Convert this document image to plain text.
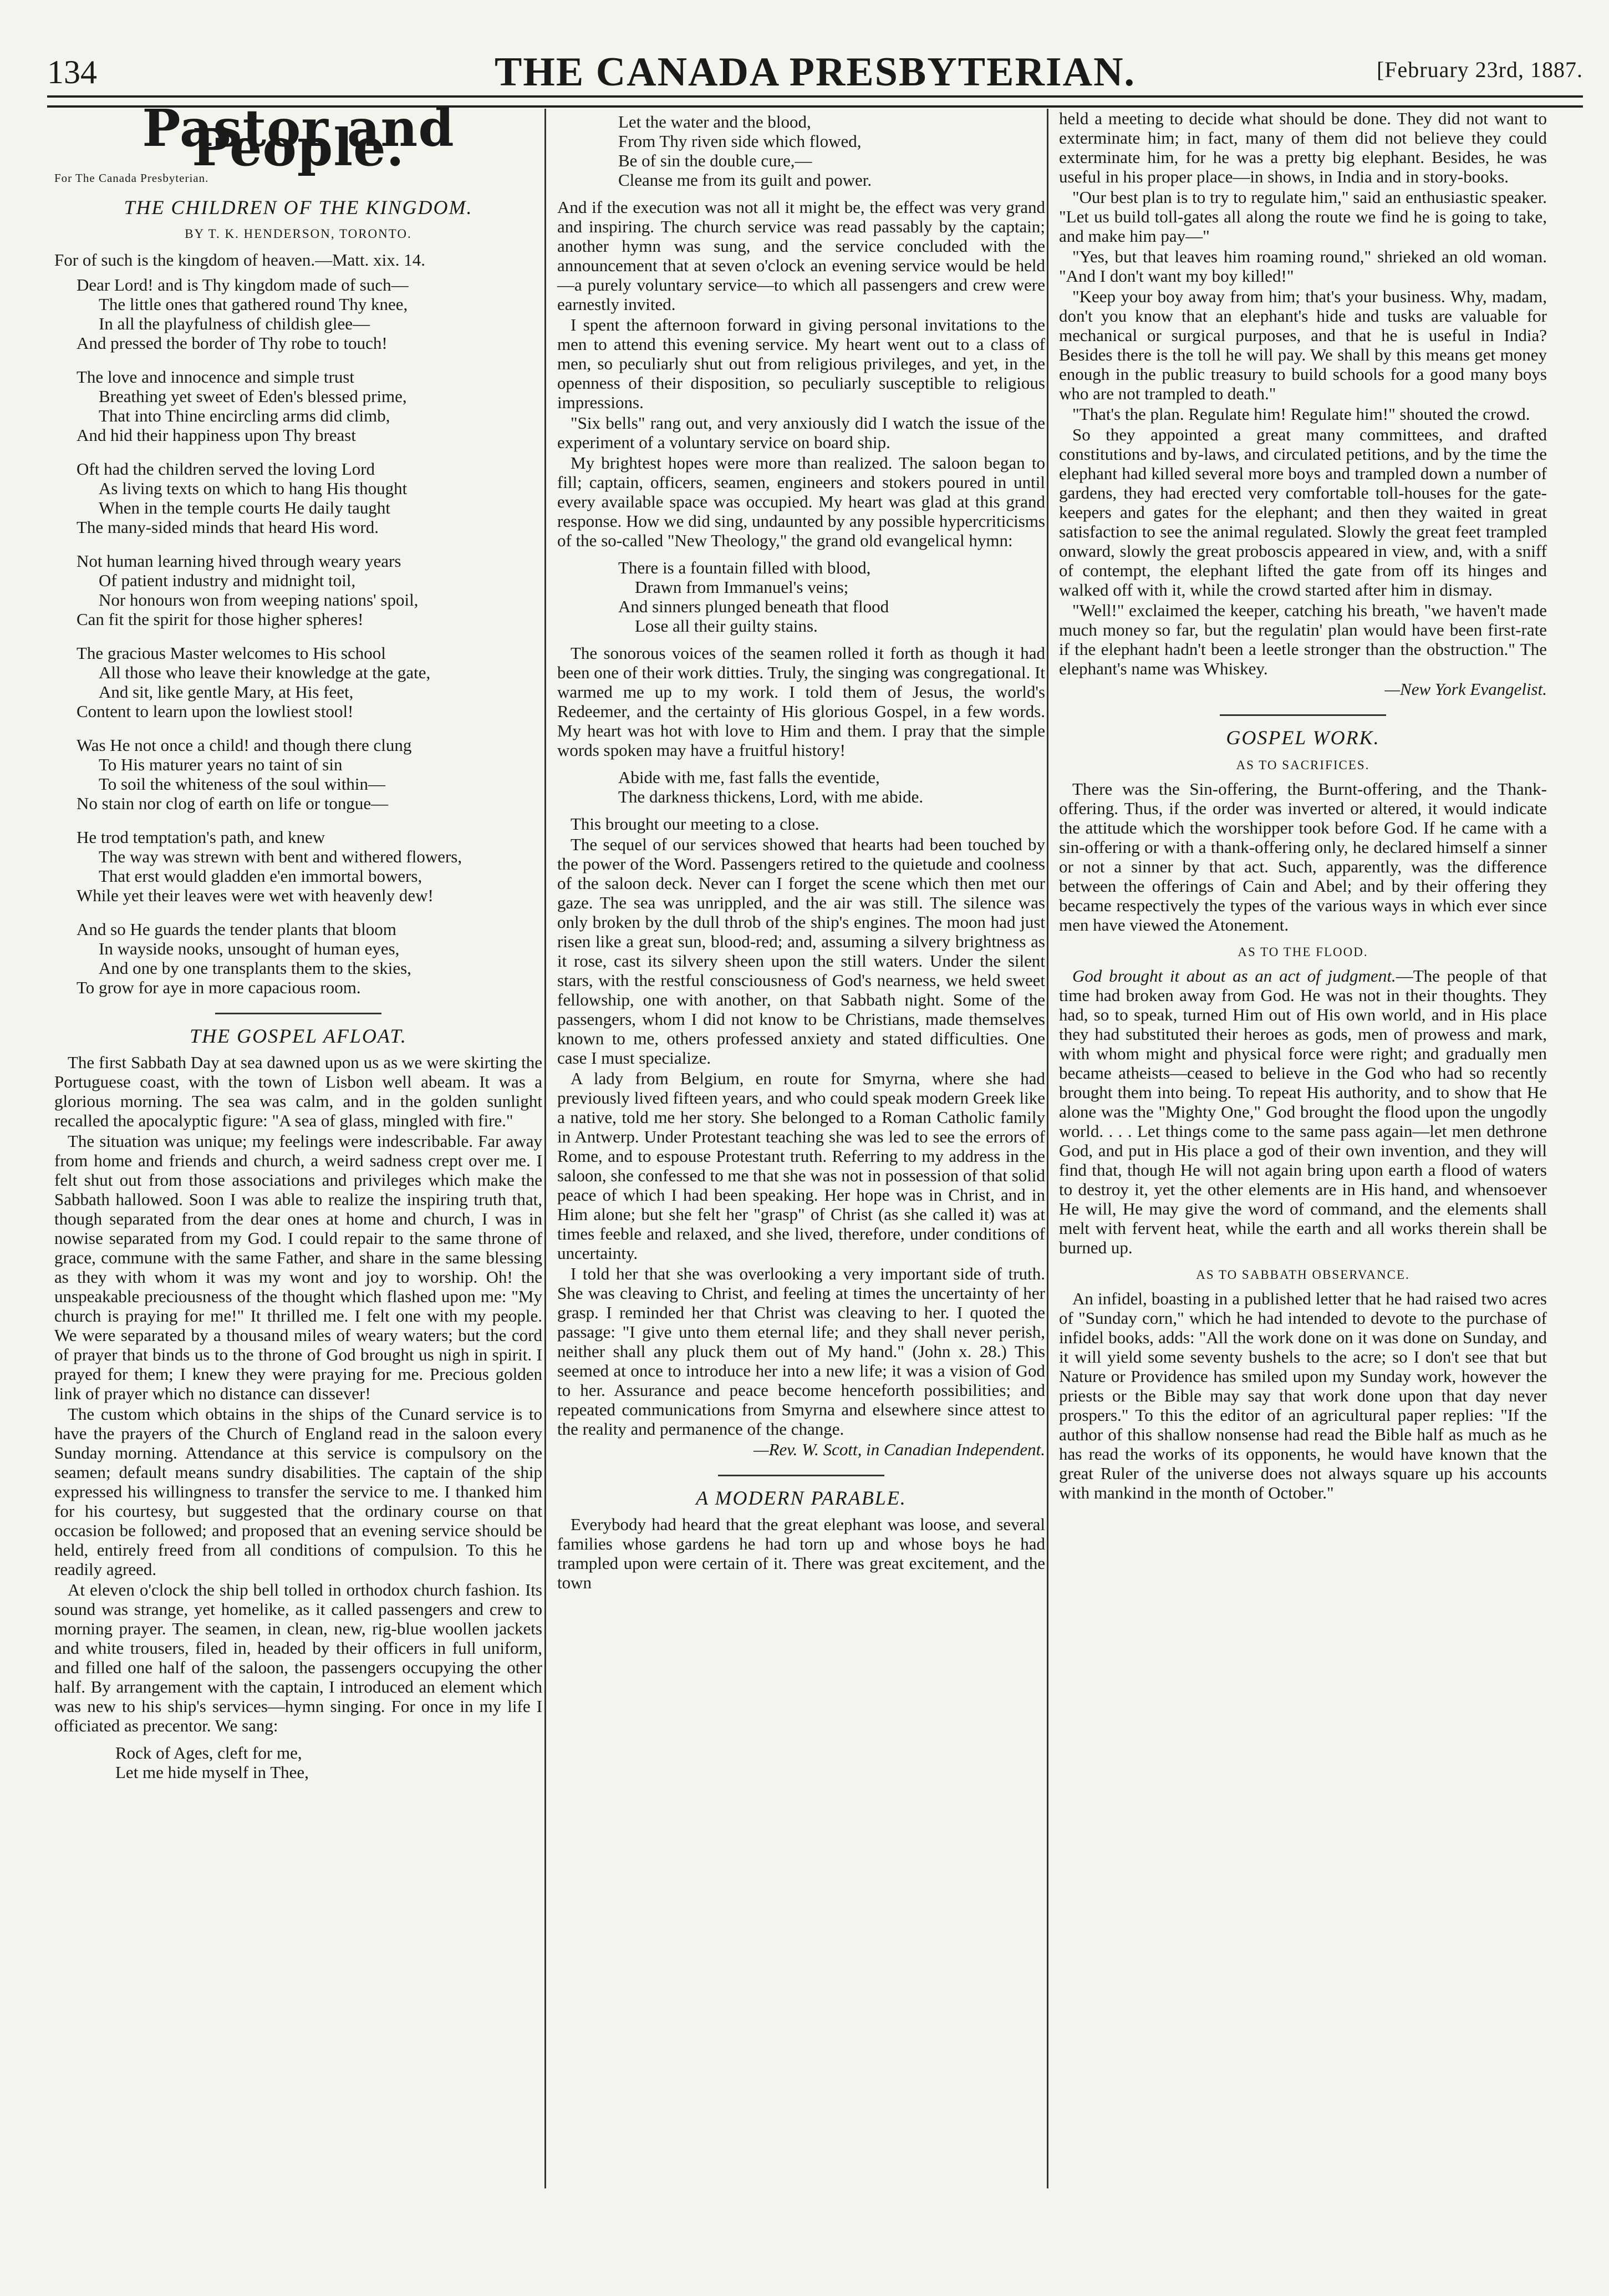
134	THE CANADA PRESBYTERIAN.	[February 23rd, 1887.
Pastor and People.
For The Canada Presbyterian.
THE CHILDREN OF THE KINGDOM.
BY T. K. HENDERSON, TORONTO.

For of such is the kingdom of heaven.—Matt. xix. 14.

Dear Lord! and is Thy kingdom made of such—
The little ones that gathered round Thy knee,
In all the playfulness of childish glee—
And pressed the border of Thy robe to touch!
The love and innocence and simple trust
Breathing yet sweet of Eden's blessed prime,
That into Thine encircling arms did climb,
And hid their happiness upon Thy breast
Oft had the children served the loving Lord
As living texts on which to hang His thought
When in the temple courts He daily taught
The many-sided minds that heard His word.
Not human learning hived through weary years
Of patient industry and midnight toil,
Nor honours won from weeping nations' spoil,
Can fit the spirit for those higher spheres!
The gracious Master welcomes to His school
All those who leave their knowledge at the gate,
And sit, like gentle Mary, at His feet,
Content to learn upon the lowliest stool!
Was He not once a child! and though there clung
To His maturer years no taint of sin
To soil the whiteness of the soul within—
No stain nor clog of earth on life or tongue—
He trod temptation's path, and knew
The way was strewn with bent and withered flowers,
That erst would gladden e'en immortal bowers,
While yet their leaves were wet with heavenly dew!
And so He guards the tender plants that bloom
In wayside nooks, unsought of human eyes,
And one by one transplants them to the skies,
To grow for aye in more capacious room.
THE GOSPEL AFLOAT.

The first Sabbath Day at sea dawned upon us as we were skirting the Portuguese coast, with the town of Lisbon well abeam. It was a glorious morning. The sea was calm, and in the golden sunlight recalled the apocalyptic figure: "A sea of glass, mingled with fire."

The situation was unique; my feelings were indescribable. Far away from home and friends and church, a weird sadness crept over me. I felt shut out from those associations and privileges which make the Sabbath hallowed. Soon I was able to realize the inspiring truth that, though separated from the dear ones at home and church, I was in nowise separated from my God. I could repair to the same throne of grace, commune with the same Father, and share in the same blessing as they with whom it was my wont and joy to worship. Oh! the unspeakable preciousness of the thought which flashed upon me: "My church is praying for me!" It thrilled me. I felt one with my people. We were separated by a thousand miles of weary waters; but the cord of prayer that binds us to the throne of God brought us nigh in spirit. I prayed for them; I knew they were praying for me. Precious golden link of prayer which no distance can dissever!

The custom which obtains in the ships of the Cunard service is to have the prayers of the Church of England read in the saloon every Sunday morning. Attendance at this service is compulsory on the seamen; default means sundry disabilities. The captain of the ship expressed his willingness to transfer the service to me. I thanked him for his courtesy, but suggested that the ordinary course on that occasion be followed; and proposed that an evening service should be held, entirely freed from all conditions of compulsion. To this he readily agreed.

At eleven o'clock the ship bell tolled in orthodox church fashion. Its sound was strange, yet homelike, as it called passengers and crew to morning prayer. The seamen, in clean, new, rig-blue woollen jackets and white trousers, filed in, headed by their officers in full uniform, and filled one half of the saloon, the passengers occupying the other half. By arrangement with the captain, I introduced an element which was new to his ship's services—hymn singing. For once in my life I officiated as precentor. We sang:

Rock of Ages, cleft for me,
Let me hide myself in Thee,
Let the water and the blood,
From Thy riven side which flowed,
Be of sin the double cure,—
Cleanse me from its guilt and power.

And if the execution was not all it might be, the effect was very grand and inspiring. The church service was read passably by the captain; another hymn was sung, and the service concluded with the announcement that at seven o'clock an evening service would be held—a purely voluntary service—to which all passengers and crew were earnestly invited.

I spent the afternoon forward in giving personal invitations to the men to attend this evening service. My heart went out to a class of men, so peculiarly shut out from religious privileges, and yet, in the openness of their disposition, so peculiarly susceptible to religious impressions.

"Six bells" rang out, and very anxiously did I watch the issue of the experiment of a voluntary service on board ship.

My brightest hopes were more than realized. The saloon began to fill; captain, officers, seamen, engineers and stokers poured in until every available space was occupied. My heart was glad at this grand response. How we did sing, undaunted by any possible hypercriticisms of the so-called "New Theology," the grand old evangelical hymn:

There is a fountain filled with blood,
Drawn from Immanuel's veins;
And sinners plunged beneath that flood
Lose all their guilty stains.

The sonorous voices of the seamen rolled it forth as though it had been one of their work ditties. Truly, the singing was congregational. It warmed me up to my work. I told them of Jesus, the world's Redeemer, and the certainty of His glorious Gospel, in a few words. My heart was hot with love to Him and them. I pray that the simple words spoken may have a fruitful history!

Abide with me, fast falls the eventide,
The darkness thickens, Lord, with me abide.

This brought our meeting to a close.

The sequel of our services showed that hearts had been touched by the power of the Word. Passengers retired to the quietude and coolness of the saloon deck. Never can I forget the scene which then met our gaze. The sea was unrippled, and the air was still. The silence was only broken by the dull throb of the ship's engines. The moon had just risen like a great sun, blood-red; and, assuming a silvery brightness as it rose, cast its silvery sheen upon the still waters. Under the silent stars, with the restful consciousness of God's nearness, we held sweet fellowship, one with another, on that Sabbath night. Some of the passengers, whom I did not know to be Christians, made themselves known to me, others professed anxiety and stated difficulties. One case I must specialize.

A lady from Belgium, en route for Smyrna, where she had previously lived fifteen years, and who could speak modern Greek like a native, told me her story. She belonged to a Roman Catholic family in Antwerp. Under Protestant teaching she was led to see the errors of Rome, and to espouse Protestant truth. Referring to my address in the saloon, she confessed to me that she was not in possession of that solid peace of which I had been speaking. Her hope was in Christ, and in Him alone; but she felt her "grasp" of Christ (as she called it) was at times feeble and relaxed, and she lived, therefore, under conditions of uncertainty.

I told her that she was overlooking a very important side of truth. She was cleaving to Christ, and feeling at times the uncertainty of her grasp. I reminded her that Christ was cleaving to her. I quoted the passage: "I give unto them eternal life; and they shall never perish, neither shall any pluck them out of My hand." (John x. 28.) This seemed at once to introduce her into a new life; it was a vision of God to her. Assurance and peace become henceforth possibilities; and repeated communications from Smyrna and elsewhere since attest to the reality and permanence of the change.

—Rev. W. Scott, in Canadian Independent.

A MODERN PARABLE.

Everybody had heard that the great elephant was loose, and several families whose gardens he had torn up and whose boys he had trampled upon were certain of it. There was great excitement, and the town

held a meeting to decide what should be done. They did not want to exterminate him; in fact, many of them did not believe they could exterminate him, for he was a pretty big elephant. Besides, he was useful in his proper place—in shows, in India and in story-books.

"Our best plan is to try to regulate him," said an enthusiastic speaker. "Let us build toll-gates all along the route we find he is going to take, and make him pay—"

"Yes, but that leaves him roaming round," shrieked an old woman. "And I don't want my boy killed!"

"Keep your boy away from him; that's your business. Why, madam, don't you know that an elephant's hide and tusks are valuable for mechanical or surgical purposes, and that he is useful in India? Besides there is the toll he will pay. We shall by this means get money enough in the public treasury to build schools for a good many boys who are not trampled to death."

"That's the plan. Regulate him! Regulate him!" shouted the crowd.

So they appointed a great many committees, and drafted constitutions and by-laws, and circulated petitions, and by the time the elephant had killed several more boys and trampled down a number of gardens, they had erected very comfortable toll-houses for the gate-keepers and gates for the elephant; and then they waited in great satisfaction to see the animal regulated. Slowly the great feet trampled onward, slowly the great proboscis appeared in view, and, with a sniff of contempt, the elephant lifted the gate from off its hinges and walked off with it, while the crowd started after him in dismay.

"Well!" exclaimed the keeper, catching his breath, "we haven't made much money so far, but the regulatin' plan would have been first-rate if the elephant hadn't been a leetle stronger than the obstruction." The elephant's name was Whiskey.

—New York Evangelist.

GOSPEL WORK.
AS TO SACRIFICES.

There was the Sin-offering, the Burnt-offering, and the Thank-offering. Thus, if the order was inverted or altered, it would indicate the attitude which the worshipper took before God. If he came with a sin-offering or with a thank-offering only, he declared himself a sinner or not a sinner by that act. Such, apparently, was the difference between the offerings of Cain and Abel; and by their offering they became respectively the types of the various ways in which ever since men have viewed the Atonement.

AS TO THE FLOOD.

God brought it about as an act of judgment.—The people of that time had broken away from God. He was not in their thoughts. They had, so to speak, turned Him out of His own world, and in His place they had substituted their heroes as gods, men of prowess and mark, with whom might and physical force were right; and gradually men became atheists—ceased to believe in the God who had so recently brought them into being. To repeat His authority, and to show that He alone was the "Mighty One," God brought the flood upon the ungodly world. . . . Let things come to the same pass again—let men dethrone God, and put in His place a god of their own invention, and they will find that, though He will not again bring upon earth a flood of waters to destroy it, yet the other elements are in His hand, and whensoever He will, He may give the word of command, and the elements shall melt with fervent heat, while the earth and all works therein shall be burned up.

AS TO SABBATH OBSERVANCE.

An infidel, boasting in a published letter that he had raised two acres of "Sunday corn," which he had intended to devote to the purchase of infidel books, adds: "All the work done on it was done on Sunday, and it will yield some seventy bushels to the acre; so I don't see that but Nature or Providence has smiled upon my Sunday work, however the priests or the Bible may say that work done upon that day never prospers." To this the editor of an agricultural paper replies: "If the author of this shallow nonsense had read the Bible half as much as he has read the works of its opponents, he would have known that the great Ruler of the universe does not always square up his accounts with mankind in the month of October."
